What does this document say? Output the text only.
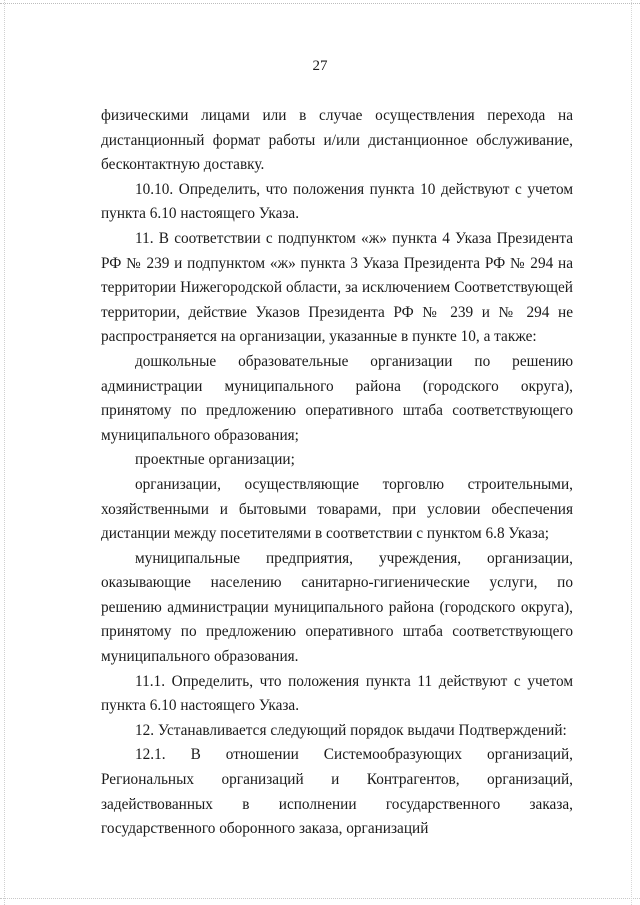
27

физическими лицами или в случае осуществления перехода на дистанционный формат работы и/или дистанционное обслуживание, бесконтактную доставку.

10.10. Определить, что положения пункта 10 действуют с учетом пункта 6.10 настоящего Указа.

11. В соответствии с подпунктом «ж» пункта 4 Указа Президента РФ № 239 и подпунктом «ж» пункта 3 Указа Президента РФ № 294 на территории Нижегородской области, за исключением Соответствующей территории, действие Указов Президента РФ № 239 и № 294 не распространяется на организации, указанные в пункте 10, а также:

дошкольные образовательные организации по решению администрации муниципального района (городского округа), принятому по предложению оперативного штаба соответствующего муниципального образования;

проектные организации;

организации, осуществляющие торговлю строительными, хозяйственными и бытовыми товарами, при условии обеспечения дистанции между посетителями в соответствии с пунктом 6.8 Указа;

муниципальные предприятия, учреждения, организации, оказывающие населению санитарно-гигиенические услуги, по решению администрации муниципального района (городского округа), принятому по предложению оперативного штаба соответствующего муниципального образования.

11.1. Определить, что положения пункта 11 действуют с учетом пункта 6.10 настоящего Указа.

12. Устанавливается следующий порядок выдачи Подтверждений:

12.1. В отношении Системообразующих организаций, Региональных организаций и Контрагентов, организаций, задействованных в исполнении государственного заказа, государственного оборонного заказа, организаций
